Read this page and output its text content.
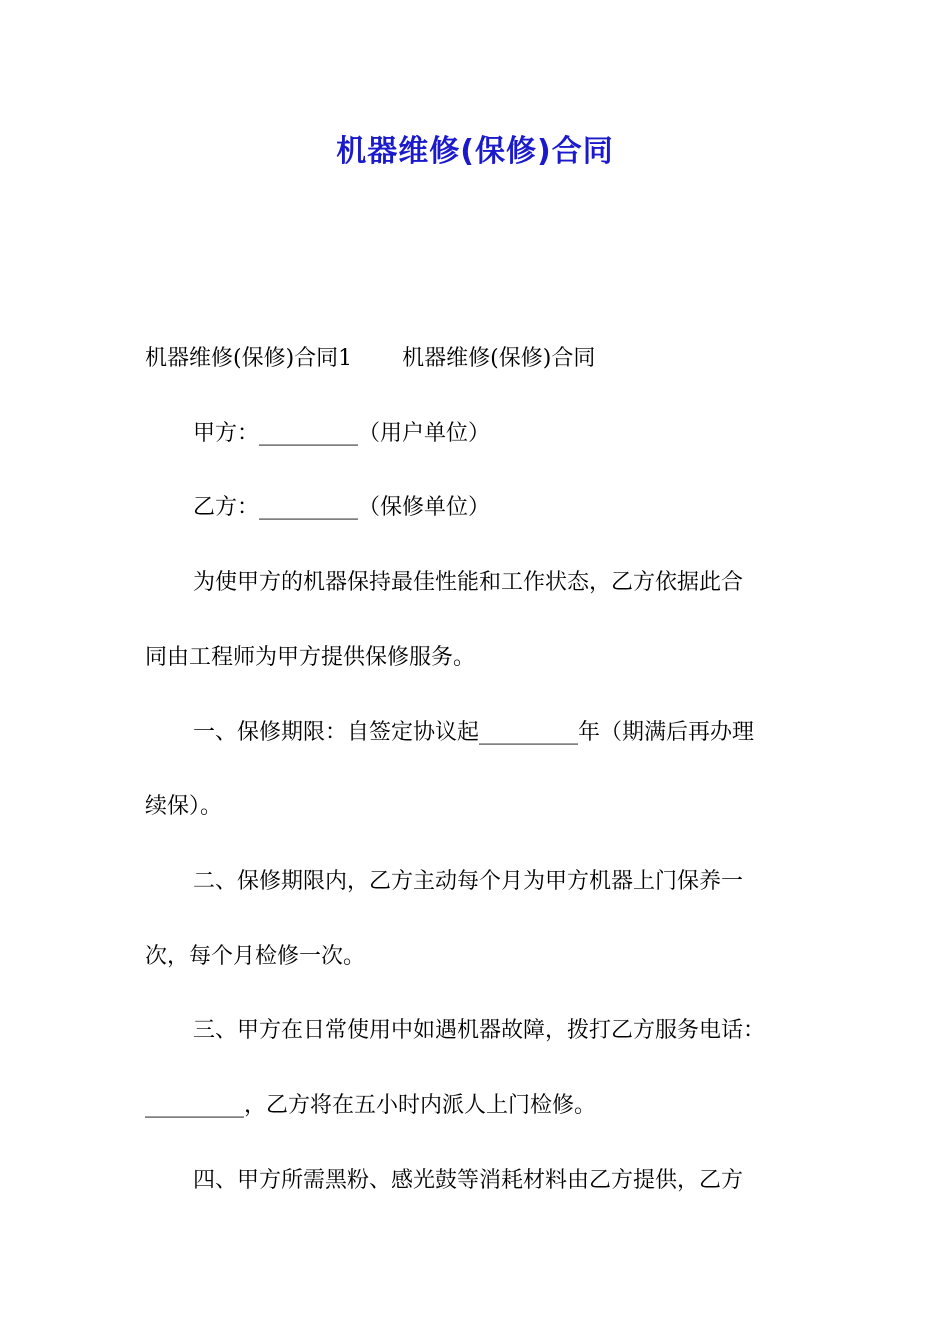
机器维修(保修)合同

机器维修(保修)合同1 机器维修(保修)合同

甲方：_________（用户单位）

乙方：_________（保修单位）

为使甲方的机器保持最佳性能和工作状态，乙方依据此合

同由工程师为甲方提供保修服务。

一、保修期限：自签定协议起_________年（期满后再办理

续保）。

二、保修期限内，乙方主动每个月为甲方机器上门保养一

次，每个月检修一次。

三、甲方在日常使用中如遇机器故障，拨打乙方服务电话：

_________，乙方将在五小时内派人上门检修。

四、甲方所需黑粉、感光鼓等消耗材料由乙方提供，乙方
